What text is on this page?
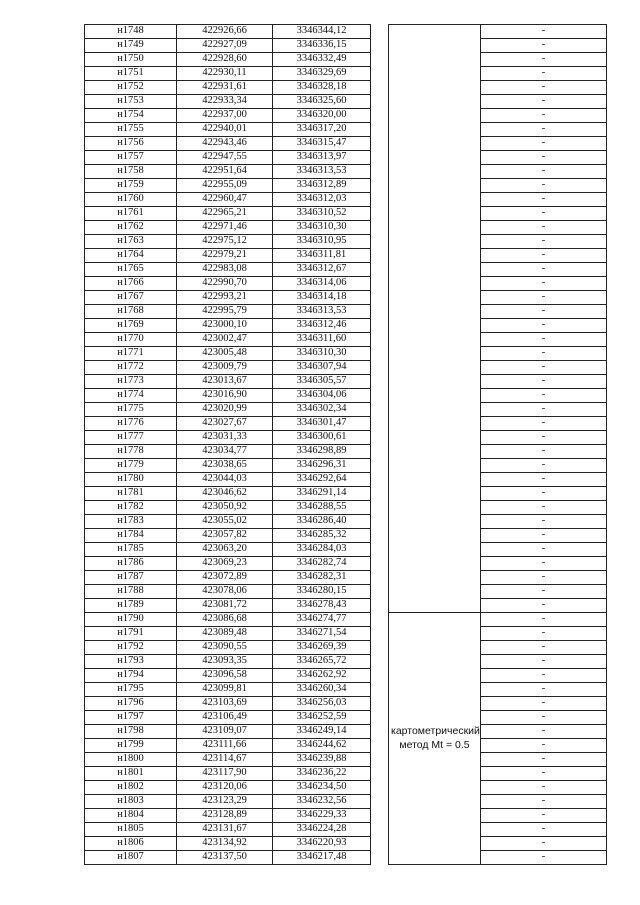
н1748	422926,66	3346344,12			-
н1749	422927,09	3346336,15			-
н1750	422928,60	3346332,49			-
н1751	422930,11	3346329,69			-
н1752	422931,61	3346328,18			-
н1753	422933,34	3346325,60			-
н1754	422937,00	3346320,00			-
н1755	422940,01	3346317,20			-
н1756	422943,46	3346315,47			-
н1757	422947,55	3346313,97			-
н1758	422951,64	3346313,53			-
н1759	422955,09	3346312,89			-
н1760	422960,47	3346312,03			-
н1761	422965,21	3346310,52			-
н1762	422971,46	3346310,30			-
н1763	422975,12	3346310,95			-
н1764	422979,21	3346311,81			-
н1765	422983,08	3346312,67			-
н1766	422990,70	3346314,06			-
н1767	422993,21	3346314,18			-
н1768	422995,79	3346313,53			-
н1769	423000,10	3346312,46			-
н1770	423002,47	3346311,60			-
н1771	423005,48	3346310,30			-
н1772	423009,79	3346307,94			-
н1773	423013,67	3346305,57			-
н1774	423016,90	3346304,06			-
н1775	423020,99	3346302,34			-
н1776	423027,67	3346301,47			-
н1777	423031,33	3346300,61			-
н1778	423034,77	3346298,89			-
н1779	423038,65	3346296,31			-
н1780	423044,03	3346292,64			-
н1781	423046,62	3346291,14			-
н1782	423050,92	3346288,55			-
н1783	423055,02	3346286,40			-
н1784	423057,82	3346285,32			-
н1785	423063,20	3346284,03			-
н1786	423069,23	3346282,74			-
н1787	423072,89	3346282,31			-
н1788	423078,06	3346280,15			-
н1789	423081,72	3346278,43			-
н1790	423086,68	3346274,77		картометрический
метод Mt = 0.5	-
н1791	423089,48	3346271,54			-
н1792	423090,55	3346269,39			-
н1793	423093,35	3346265,72			-
н1794	423096,58	3346262,92			-
н1795	423099,81	3346260,34			-
н1796	423103,69	3346256,03			-
н1797	423106,49	3346252,59			-
н1798	423109,07	3346249,14			-
н1799	423111,66	3346244,62			-
н1800	423114,67	3346239,88			-
н1801	423117,90	3346236,22			-
н1802	423120,06	3346234,50			-
н1803	423123,29	3346232,56			-
н1804	423128,89	3346229,33			-
н1805	423131,67	3346224,28			-
н1806	423134,92	3346220,93			-
н1807	423137,50	3346217,48			-
